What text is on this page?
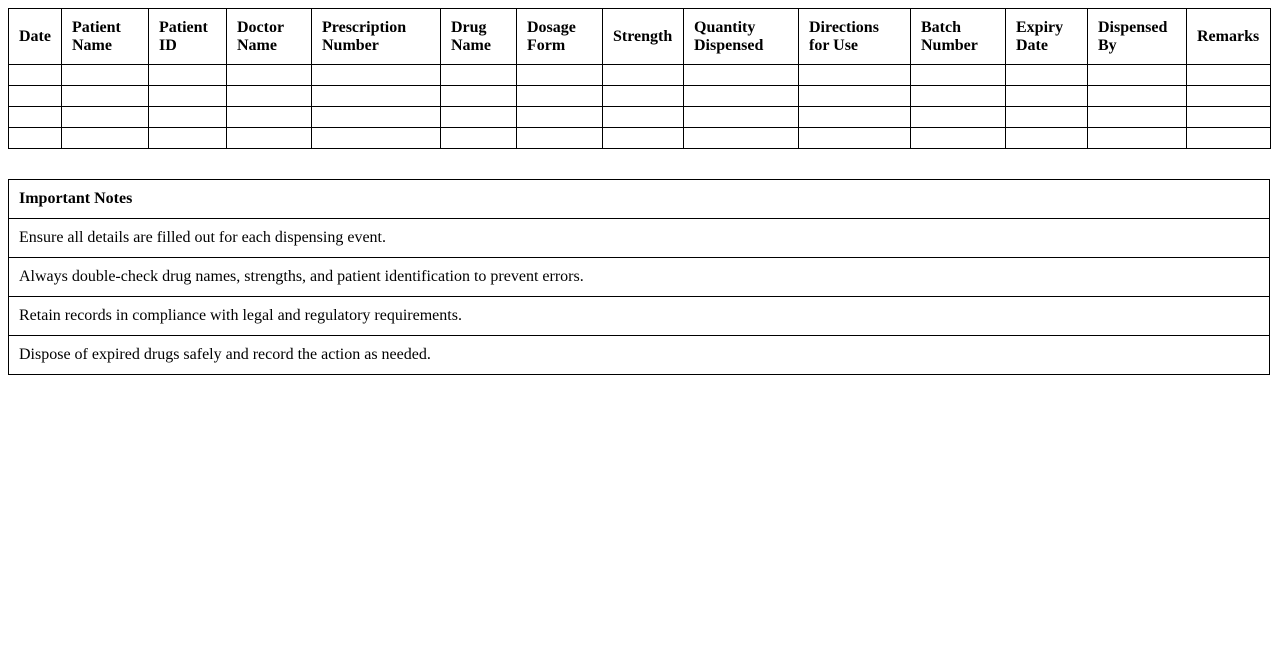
Date	Patient Name	Patient ID	Doctor Name	Prescription Number	Drug Name	Dosage Form	Strength	Quantity Dispensed	Directions for Use	Batch Number	Expiry Date	Dispensed By	Remarks

Important Notes
Ensure all details are filled out for each dispensing event.
Always double-check drug names, strengths, and patient identification to prevent errors.
Retain records in compliance with legal and regulatory requirements.
Dispose of expired drugs safely and record the action as needed.
